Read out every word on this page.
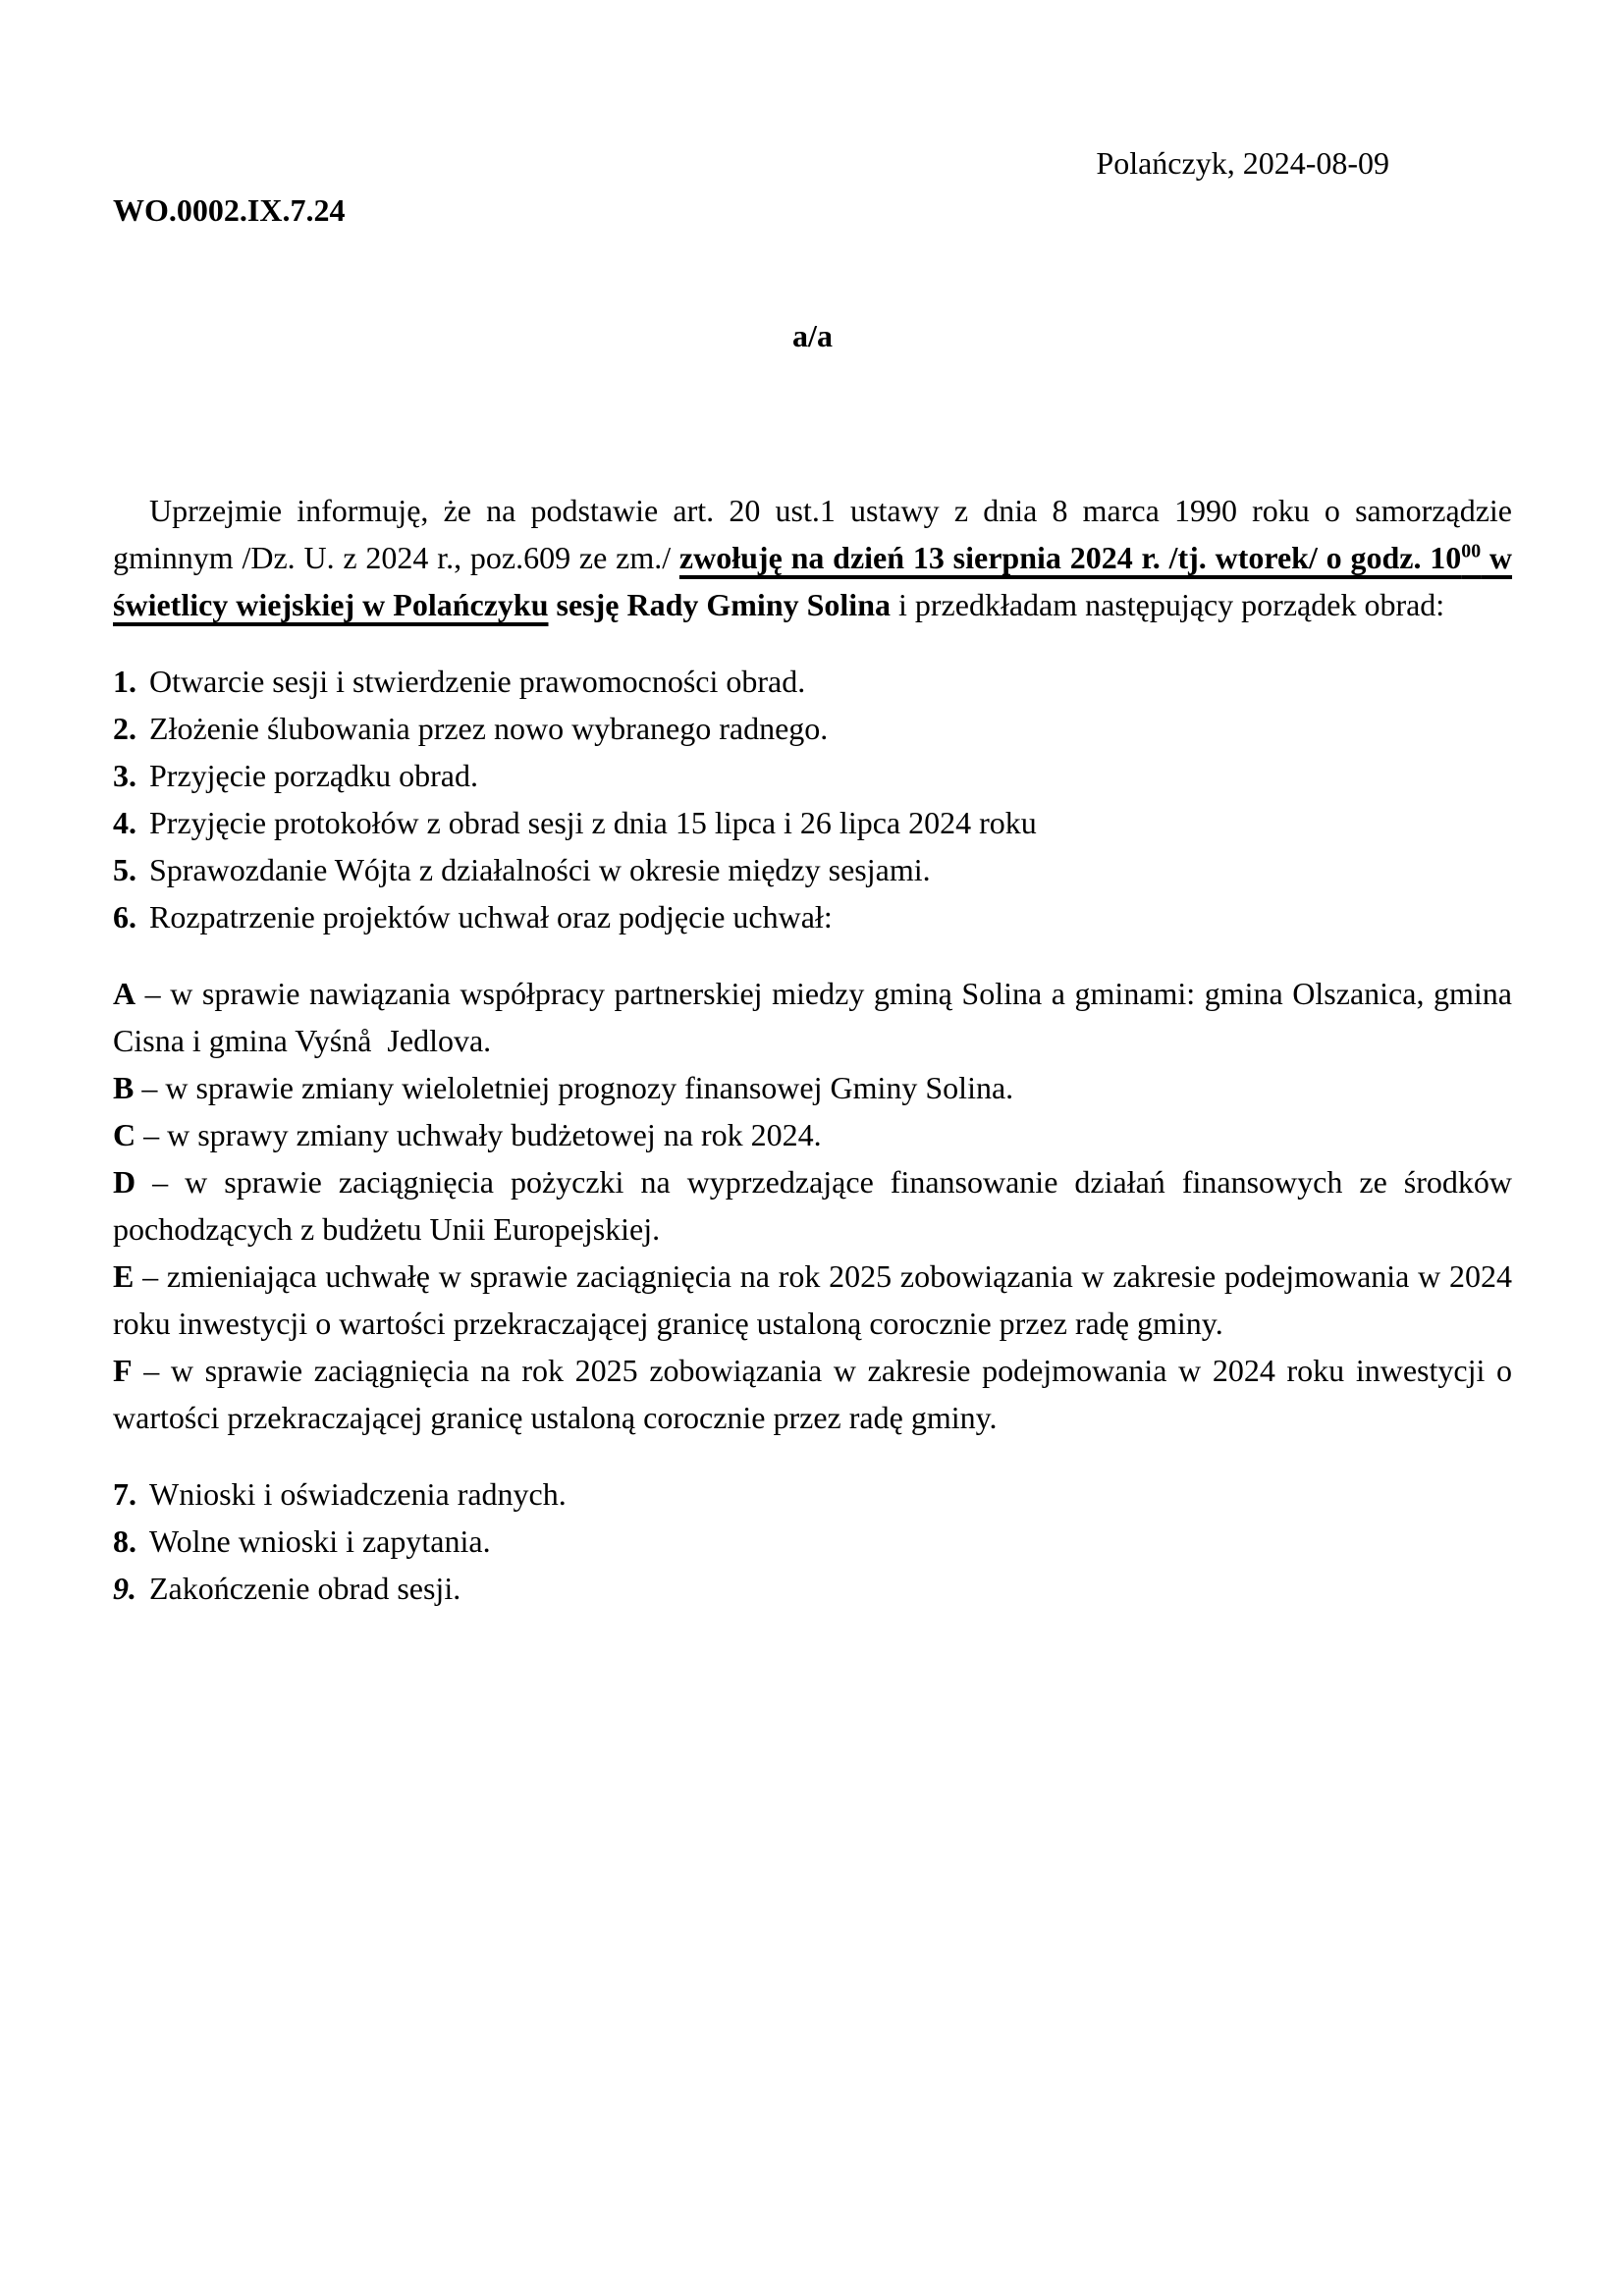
Polańczyk, 2024-08-09
WO.0002.IX.7.24
a/a

Uprzejmie informuję, że na podstawie art. 20 ust.1 ustawy z dnia 8 marca 1990 roku o samorządzie gminnym /Dz. U. z 2024 r., poz.609 ze zm./ zwołuję na dzień 13 sierpnia 2024 r. /tj. wtorek/ o godz. $10^{00}$ w świetlicy wiejskiej w Polańczyku sesję Rady Gminy Solina i przedkładam następujący porządek obrad:

1. Otwarcie sesji i stwierdzenie prawomocności obrad.
2. Złożenie ślubowania przez nowo wybranego radnego.
3. Przyjęcie porządku obrad.
4. Przyjęcie protokołów z obrad sesji z dnia 15 lipca i 26 lipca 2024 roku
5. Sprawozdanie Wójta z działalności w okresie między sesjami.
6. Rozpatrzenie projektów uchwał oraz podjęcie uchwał:

A – w sprawie nawiązania współpracy partnerskiej miedzy gminą Solina a gminami: gmina Olszanica, gmina Cisna i gmina Vyśnå  Jedlova.

B – w sprawie zmiany wieloletniej prognozy finansowej Gminy Solina.

C – w sprawy zmiany uchwały budżetowej na rok 2024.

D – w sprawie zaciągnięcia pożyczki na wyprzedzające finansowanie działań finansowych ze środków pochodzących z budżetu Unii Europejskiej.

E – zmieniająca uchwałę w sprawie zaciągnięcia na rok 2025 zobowiązania w zakresie podejmowania w 2024 roku inwestycji o wartości przekraczającej granicę ustaloną corocznie przez radę gminy.

F – w sprawie zaciągnięcia na rok 2025 zobowiązania w zakresie podejmowania w 2024 roku inwestycji o wartości przekraczającej granicę ustaloną corocznie przez radę gminy.

7. Wnioski i oświadczenia radnych.
8. Wolne wnioski i zapytania.
9. Zakończenie obrad sesji.
